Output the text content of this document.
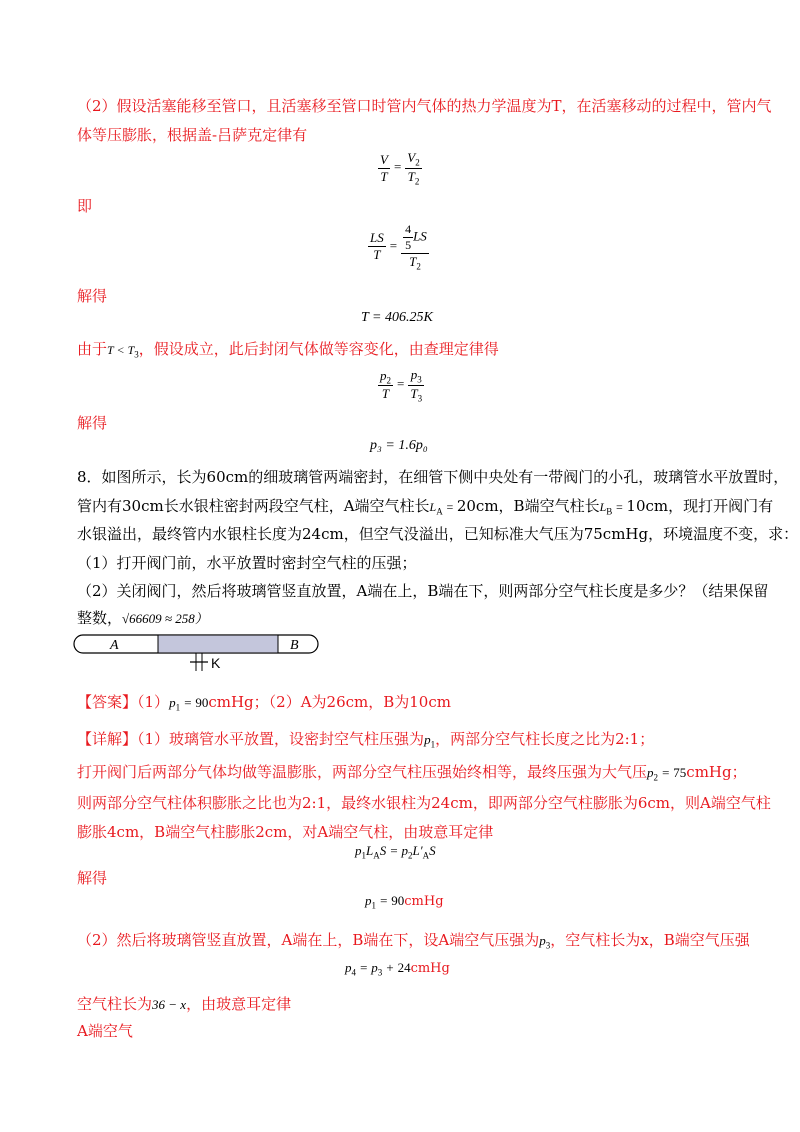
（2）假设活塞能移至管口，且活塞移至管口时管内气体的热力学温度为T，在活塞移动的过程中，管内气
体等压膨胀，根据盖-吕萨克定律有
$\frac{V}{T} = \frac{V_2}{T_2}$
即
$\frac{LS}{T} = \frac{\frac{4}{5} LS}{T_2}$
解得
T = 406.25K
由于$T < T_3$，假设成立，此后封闭气体做等容变化，由查理定律得
$\frac{p_2}{T} = \frac{p_3}{T_3}$
解得
p₃ = 1.6p₀
8．如图所示，长为60cm的细玻璃管两端密封，在细管下侧中央处有一带阀门的小孔，玻璃管水平放置时，
管内有30cm长水银柱密封两段空气柱，A端空气柱长$L_A = 20cm$，B端空气柱长$L_B = 10cm$，现打开阀门有
水银溢出，最终管内水银柱长度为24cm，但空气没溢出，已知标准大气压为75cmHg，环境温度不变，求：
（1）打开阀门前，水平放置时密封空气柱的压强；
（2）关闭阀门，然后将玻璃管竖直放置，A端在上，B端在下，则两部分空气柱长度是多少？（结果保留
整数，√66609 ≈ 258）
A	B
K
【答案】$(1)p_1$ = 90cmHg；（2）A为26cm，B为10cm
【详解】（1）玻璃管水平放置，设密封空气柱压强为$p_1$，两部分空气柱长度之比为2:1；
打开阀门后两部分气体均做等温膨胀，两部分空气柱压强始终相等，最终压强为大气压$p_2$ = 75cmHg；
则两部分空气柱体积膨胀之比也为2:1，最终水银柱为24cm，即两部分空气柱膨胀为6cm，则A端空气柱
膨胀4cm，B端空气柱膨胀2cm，对A端空气柱，由玻意耳定律
$p_1L_AS = p_2L'_AS$
解得
$p_1$ = 90cmHg
（2）然后将玻璃管竖直放置，A端在上，B端在下，设A端空气压强为$p_3$，空气柱长为x，B端空气压强
$p_4 = p_3$ + 24cmHg
空气柱长为36 − x，由玻意耳定律
A端空气
